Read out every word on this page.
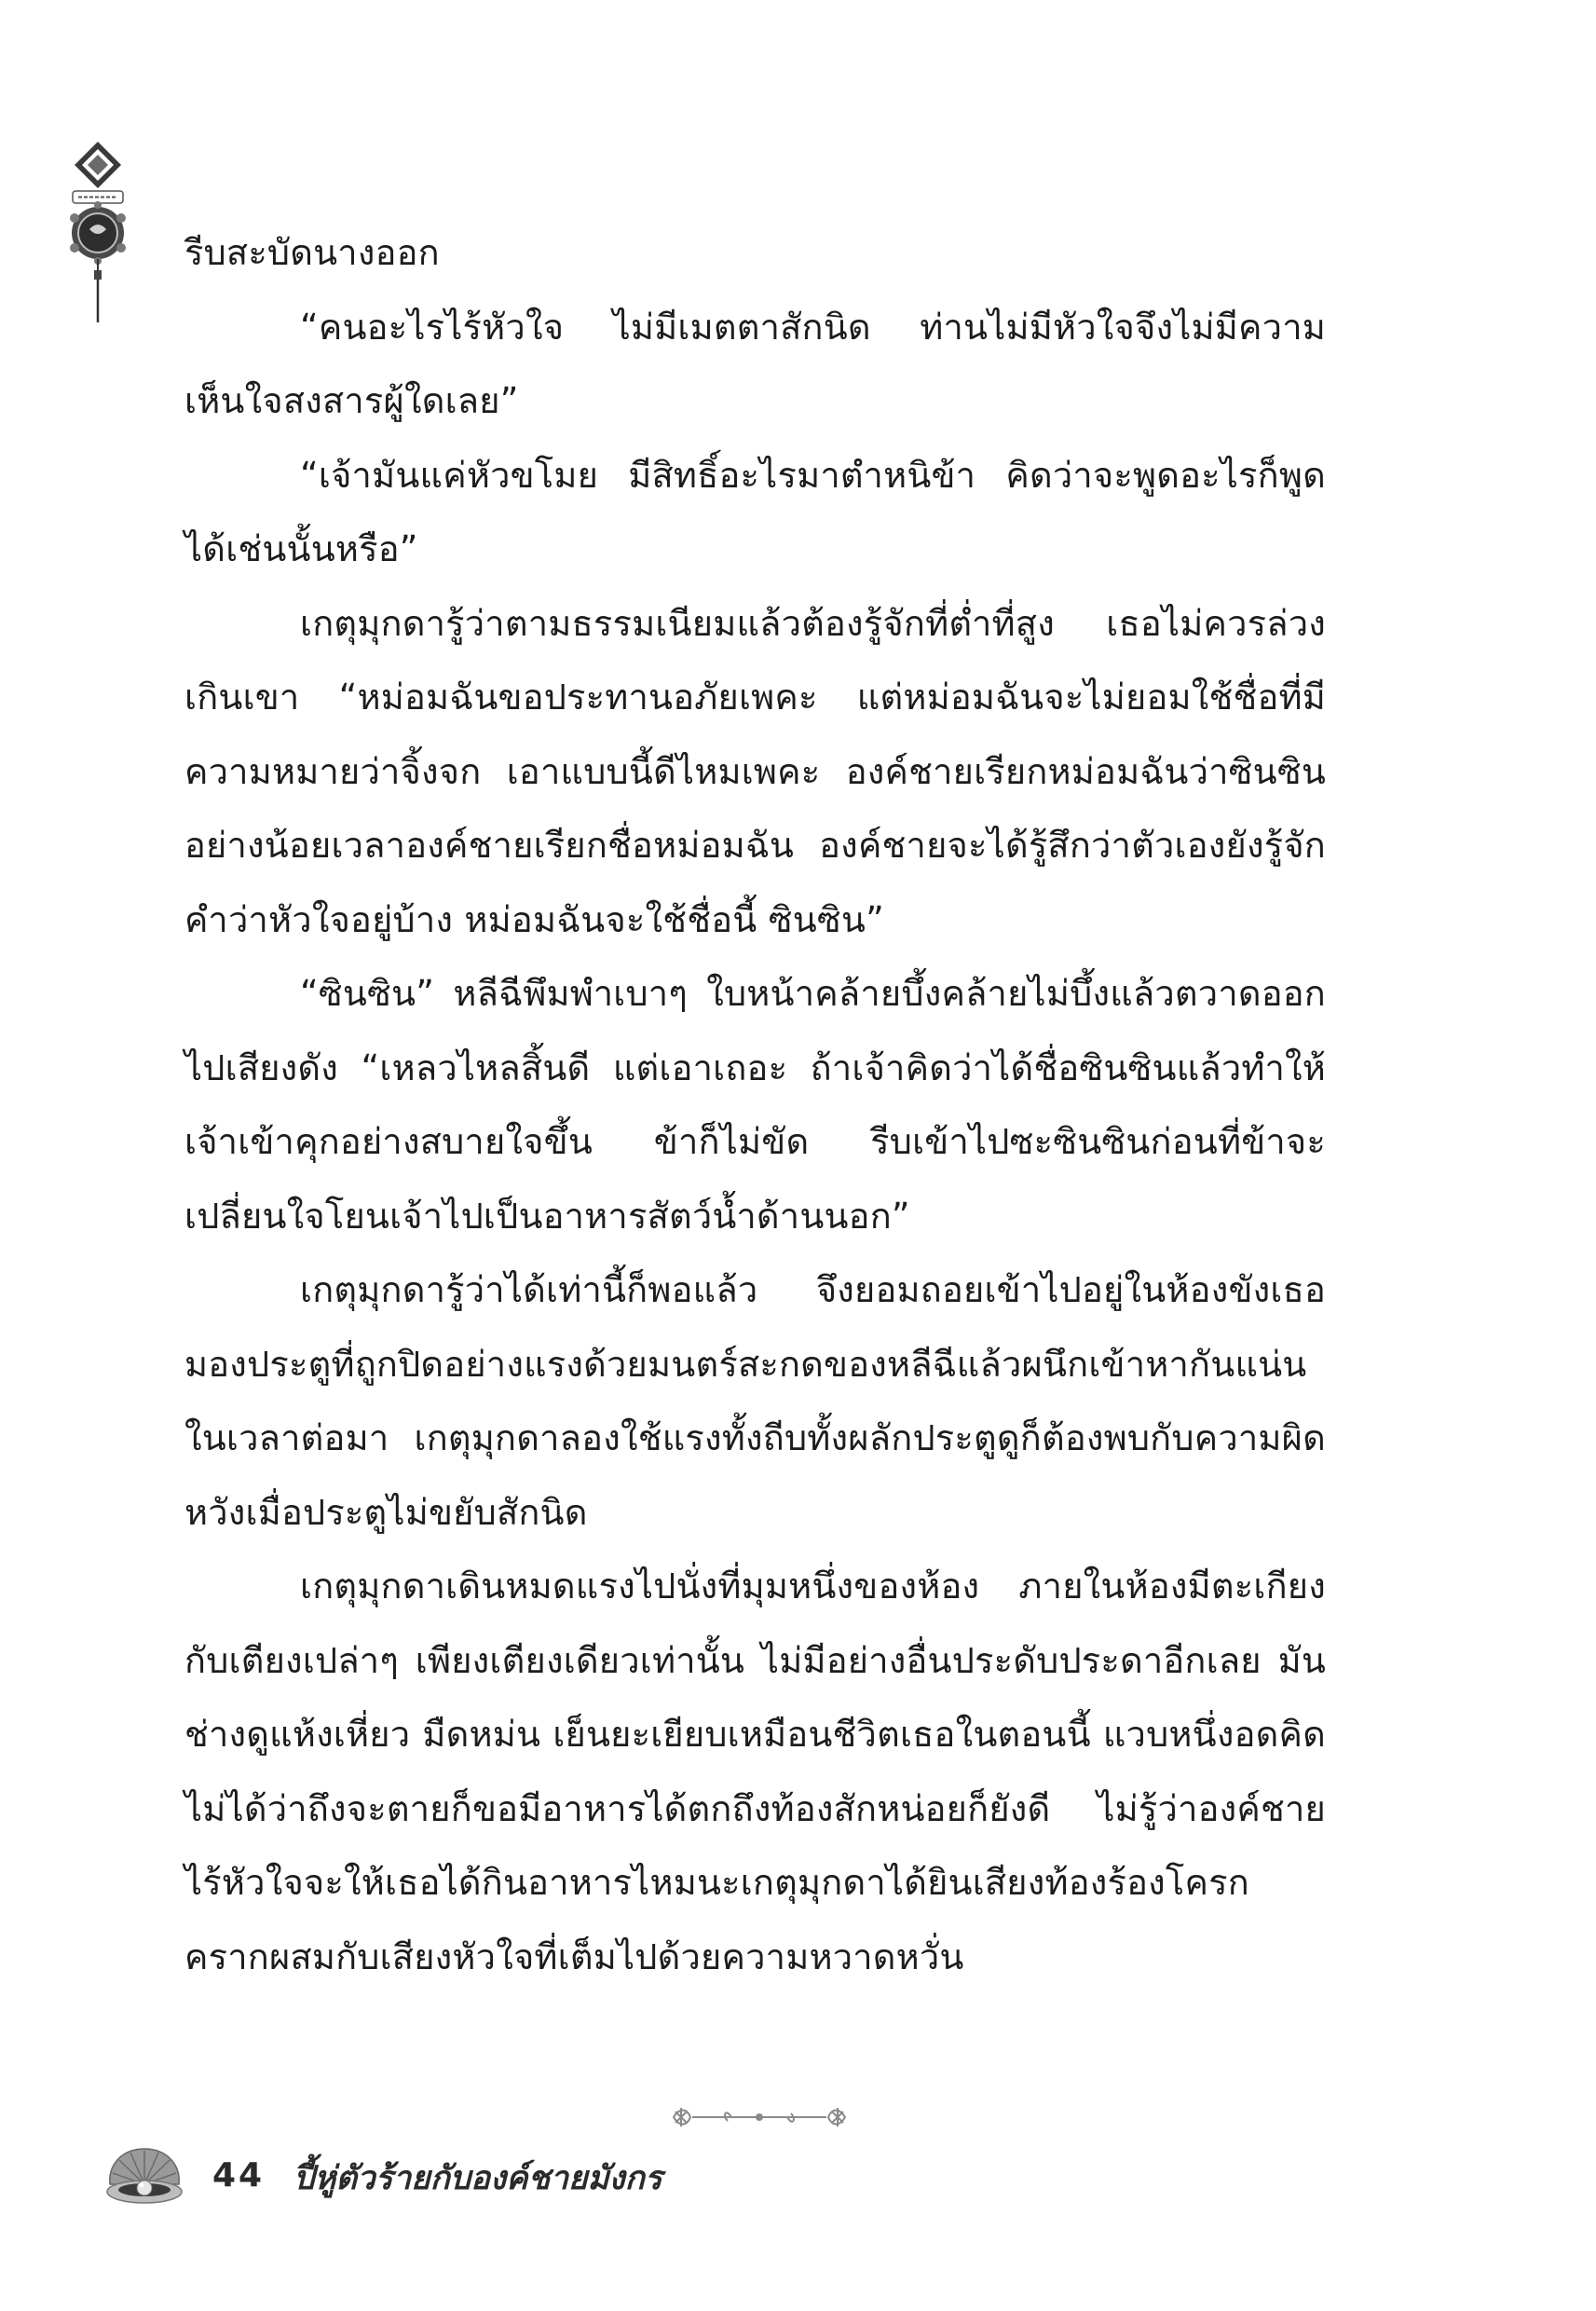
รีบสะบัดนางออก

“คนอะไรไร้หัวใจ ไม่มีเมตตาสักนิด ท่านไม่มีหัวใจจึงไม่มีความเห็นใจสงสารผู้ใดเลย”

“เจ้ามันแค่หัวขโมย มีสิทธิ์อะไรมาตำหนิข้า คิดว่าจะพูดอะไรก็พูดได้เช่นนั้นหรือ”

เกตุมุกดารู้ว่าตามธรรมเนียมแล้วต้องรู้จักที่ต่ำที่สูง เธอไม่ควรล่วงเกินเขา “หม่อมฉันขอประทานอภัยเพคะ แต่หม่อมฉันจะไม่ยอมใช้ชื่อที่มีความหมายว่าจิ้งจก เอาแบบนี้ดีไหมเพคะ องค์ชายเรียกหม่อมฉันว่าซินซิน อย่างน้อยเวลาองค์ชายเรียกชื่อหม่อมฉัน องค์ชายจะได้รู้สึกว่าตัวเองยังรู้จักคำว่าหัวใจอยู่บ้าง หม่อมฉันจะใช้ชื่อนี้ ซินซิน”

“ซินซิน” หลีฉีพึมพำเบาๆ ใบหน้าคล้ายบึ้งคล้ายไม่บึ้งแล้วตวาดออกไปเสียงดัง “เหลวไหลสิ้นดี แต่เอาเถอะ ถ้าเจ้าคิดว่าได้ชื่อซินซินแล้วทำให้เจ้าเข้าคุกอย่างสบายใจขึ้น ข้าก็ไม่ขัด รีบเข้าไปซะซินซินก่อนที่ข้าจะเปลี่ยนใจโยนเจ้าไปเป็นอาหารสัตว์น้ำด้านนอก”

เกตุมุกดารู้ว่าได้เท่านี้ก็พอแล้ว จึงยอมถอยเข้าไปอยู่ในห้องขังเธอมองประตูที่ถูกปิดอย่างแรงด้วยมนตร์สะกดของหลีฉีแล้วผนึกเข้าหากันแน่นในเวลาต่อมา เกตุมุกดาลองใช้แรงทั้งถีบทั้งผลักประตูดูก็ต้องพบกับความผิดหวังเมื่อประตูไม่ขยับสักนิด

เกตุมุกดาเดินหมดแรงไปนั่งที่มุมหนึ่งของห้อง ภายในห้องมีตะเกียงกับเตียงเปล่าๆ เพียงเตียงเดียวเท่านั้น ไม่มีอย่างอื่นประดับประดาอีกเลย มันช่างดูแห้งเหี่ยว มืดหม่น เย็นยะเยียบเหมือนชีวิตเธอในตอนนี้ แวบหนึ่งอดคิดไม่ได้ว่าถึงจะตายก็ขอมีอาหารได้ตกถึงท้องสักหน่อยก็ยังดี ไม่รู้ว่าองค์ชายไร้หัวใจจะให้เธอได้กินอาหารไหมนะเกตุมุกดาได้ยินเสียงท้องร้องโครกครากผสมกับเสียงหัวใจที่เต็มไปด้วยความหวาดหวั่น

44 ปี้หู่ตัวร้ายกับองค์ชายมังกร
